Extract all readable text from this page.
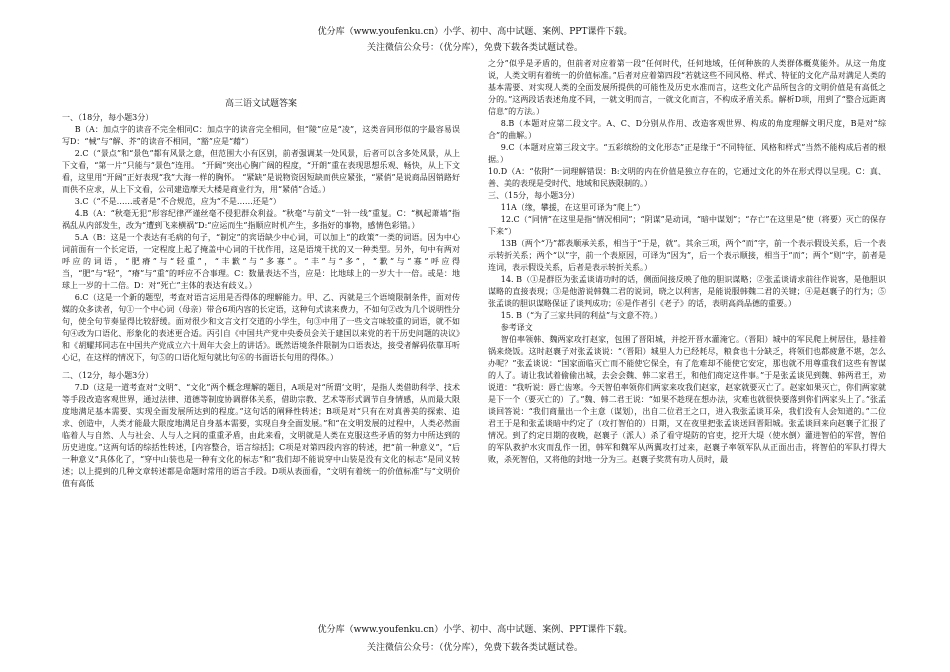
优分库（www.youfenku.cn）小学、初中、高中试题、案例、PPT课件下载。
关注微信公众号：（优分库），免费下载各类试题试卷。

高三语文试题答案

一、（18分，每小题3分）

B（A：加点字的读音不完全相同C：加点字的读音完全相同，但“陵”应是“凌”，这类音同形似的字最容易误写D：“械”与“解、芥”的读音不相同，“豁”应是“藉”）

2.C（“景点”和“景色”都有风景之意，但范围大小有区别，前者强调某一处风景，后者可以含多处风景，从上下文看，“第一片”只能与“景色”连用。 “开阔”突出心胸广阔的程度，“开朗”重在表现思想乐观、畅快，从上下文看，这里用“开阔”正好表现“我”大海一样的胸怀。 “紧缺”是说物资因短缺而供应紧张，“紧俏”是说商品因销路好而供不应求，从上下文看，公司建造摩天大楼是商业行为，用“紧俏”合适。）

3.C（“不是……或者是”不合规范，应为“不是……还是”）

4.B（A：“秋毫无犯”形容纪律严谨丝毫不侵犯群众利益。“秋毫”与前文“一针一线”重复。C：“枫起萧墙”指祸乱从内部发生，改为“遭到飞来横祸”D:“应运而生”指顺应时机产生，多指好的事物，感情色彩错。）

5.A（B：这是一个表达有毛病的句子，“制定”的宾语缺少中心词，可以加上“的政策”一类的词语。因为中心词前面有一个长定语，一定程度上起了掩盖中心词的干扰作用，这是语境干扰的又一种类型。另外，句中有两对呼应的词语，“肥瘠”与“轻重”，“丰歉”与“多寡”。“丰”与“多”，“歉”与“寡”呼应得当，“肥”与“轻”，“瘠”与“重”的呼应不合事理。C：数量表达不当，应是：比地球上的一岁大十一倍。或是：地球上一岁的十二倍。D：对“死亡”主体的表达有歧义。）

6.C（这是一个新的题型，考查对语言运用是否得体的理解能力。甲、乙、丙就是三个语境限制条件，面对传媒的众多读者，句①一个中心词（母亲）带合6项内容的长定语，这种句式读来费力，不如句②改为几个说明性分句，使全句节奏显得比较舒缓。面对很少和文言文打交道的小学生，句③中用了一些文言味较重的词语，就不如句④改为口语化、形象化的表述更合适。丙引自《中国共产党中央委员会关于建国以来党的若干历史问题的决议》和《胡耀邦同志在中国共产党成立六十周年大会上的讲话》。既然语境条件限制为口语表达，接受者解码依靠耳听心记，在这样的情况下，句⑤的口语化短句就比句⑥的书面语长句用的得体。）

二、（12分，每小题3分）

7.D（这是一道考查对“文明”、“文化”两个概念理解的题目，A项是对“所谓‘文明’，是指人类借助科学、技术等手段改造客观世界，通过法律、道德等制度协调群体关系，借助宗教、艺术等形式调节自身情感，从而最大限度地满足基本需要、实现全面发展所达到的程度。”这句话的阐释性转述；B项是对“只有在对真善美的探索、追求、创造中，人类才能最大限度地满足自身基本需要，实现自身全面发展。”和“在文明发展的过程中，人类必然面临着人与自然、人与社会、人与人之间的重重矛盾，由此来看，文明就是人类在克服这些矛盾的努力中所达到的历史进度。”这两句话的综括性转述，[内容整合，语言综括]；C项是对第四段内容的转述，把“前一种意义”，“后一种意义”具体化了，“穿中山装也是一种有文化的标志”和“我们却不能说穿中山装是没有文化的标志”是同义转述；以上提到的几种文章转述都是命题时常用的语言手段。D项从表面看，“文明有着统一的价值标准”与“文明价值有高低

之分”似乎是矛盾的，但前者对应着第一段“任何时代，任何地域，任何种族的人类群体概莫能外。从这一角度说，人类文明有着统一的价值标准。”后者对应着第四段“若就这些不同风格、样式、特征的文化产品对满足人类的基本需要、对实现人类的全面发展所提供的可能性及历史水准而言，这些文化产品所包含的文明价值是有高低之分的。”这两段话表述角度不同，一就文明而言，一就文化而言，不构成矛盾关系。解析D项，用到了“整合远距离信息”的方法。）

8.B（本题对应第二段文字。A、C、D分别从作用、改造客观世界、构成的角度理解文明尺度，B是对“综合”的曲解。）

9.C（本题对应第三段文字。“五彩缤纷的文化形态”正是缘于“不同特征、风格和样式”当然不能构成后者的根据。）

10.D（A：“依附”一词理解错误：B:文明的内在价值是独立存在的，它通过文化的外在形式得以呈现。C：真、善、美的表现是受时代、地域和民族限制的。）

三、（15分，每小题3分）

11A（缘，攀援，在这里可译为“爬上”）

12.C（“同情”在这里是指“情况相同”；“阴谋”是动词，“暗中谋划”；“存亡”在这里是“使（将要）灭亡的保存下来”）

13B（两个“乃”都表顺承关系，相当于“于是，就”。其余三项，两个“而”字，前一个表示假设关系，后一个表示转折关系；两个“以”字，前一个表原因，可译为“因为”，后一个表示顺接，相当于“而”；两个“则”字，前者是连词，表示假设关系，后者是表示转折关系。）

14. B（①是群臣为张孟谈请功时的话，侧面间接反映了他的胆识谋略；②张孟谈请求前往作说客，是他胆识谋略的直接表现；③是他游说韩魏二君的说词，晓之以利害，是能说服韩魏二君的关键；④是赵襄子的行为；⑤张孟谈的胆识谋略保证了谈判成功；⑥是作者引《老子》的话，表明高尚品德的重要。）

15. B（“为了三家共同的利益”与文意不符。）

参考译文

智伯率领韩、魏两家攻打赵家，包围了晋阳城，并挖开晋水灌淹它。（晋阳）城中的军民爬上树居住，悬挂着锅来烧饭。这时赵襄子对张孟谈说：“（晋阳）城里人力已经耗尽，粮食也十分缺乏，将领们也都疲惫不堪，怎么办呢？”张孟谈说：“国家面临灭亡而不能使它保全，有了危难却不能使它安定，那也就不用尊重我们这些有智谋的人了。请让我试着偷偷出城，去会会魏、韩二家君王，和他们商定这件事。”于是张孟谈见到魏、韩两君王，劝说道：“我听说：唇亡齿寒。今天智伯率领你们两家来攻我们赵家，赵家就要灭亡了。赵家如果灭亡，你们两家就是下一个（要灭亡的）了。”魏、韩二君王说：“如果不趁现在想办法，灾难也就很快要落到你们两家头上了。”张孟谈回答说：“我们商量出一个主意（谋划），出自二位君王之口，进入我张孟谈耳朵，我们没有人会知道的。”二位君王于是和张孟谈暗中约定了（攻打智伯的）日期，又在夜里把张孟谈送回晋阳城。张孟谈回来向赵襄子汇报了情况。到了约定日期的夜晚，赵襄子（派人）杀了看守堤防的官吏，挖开大堤（使水倒）灌进智伯的军营，智伯的军队救护水灾而乱作一团，韩军和魏军从两翼攻打过来，赵襄子率领军队从正面出击，将智伯的军队打得大败，杀死智伯，又将他的封地一分为三。赵襄子奖赏有功人员时，最

优分库（www.youfenku.cn）小学、初中、高中试题、案例、PPT课件下载。
关注微信公众号：（优分库），免费下载各类试题试卷。
